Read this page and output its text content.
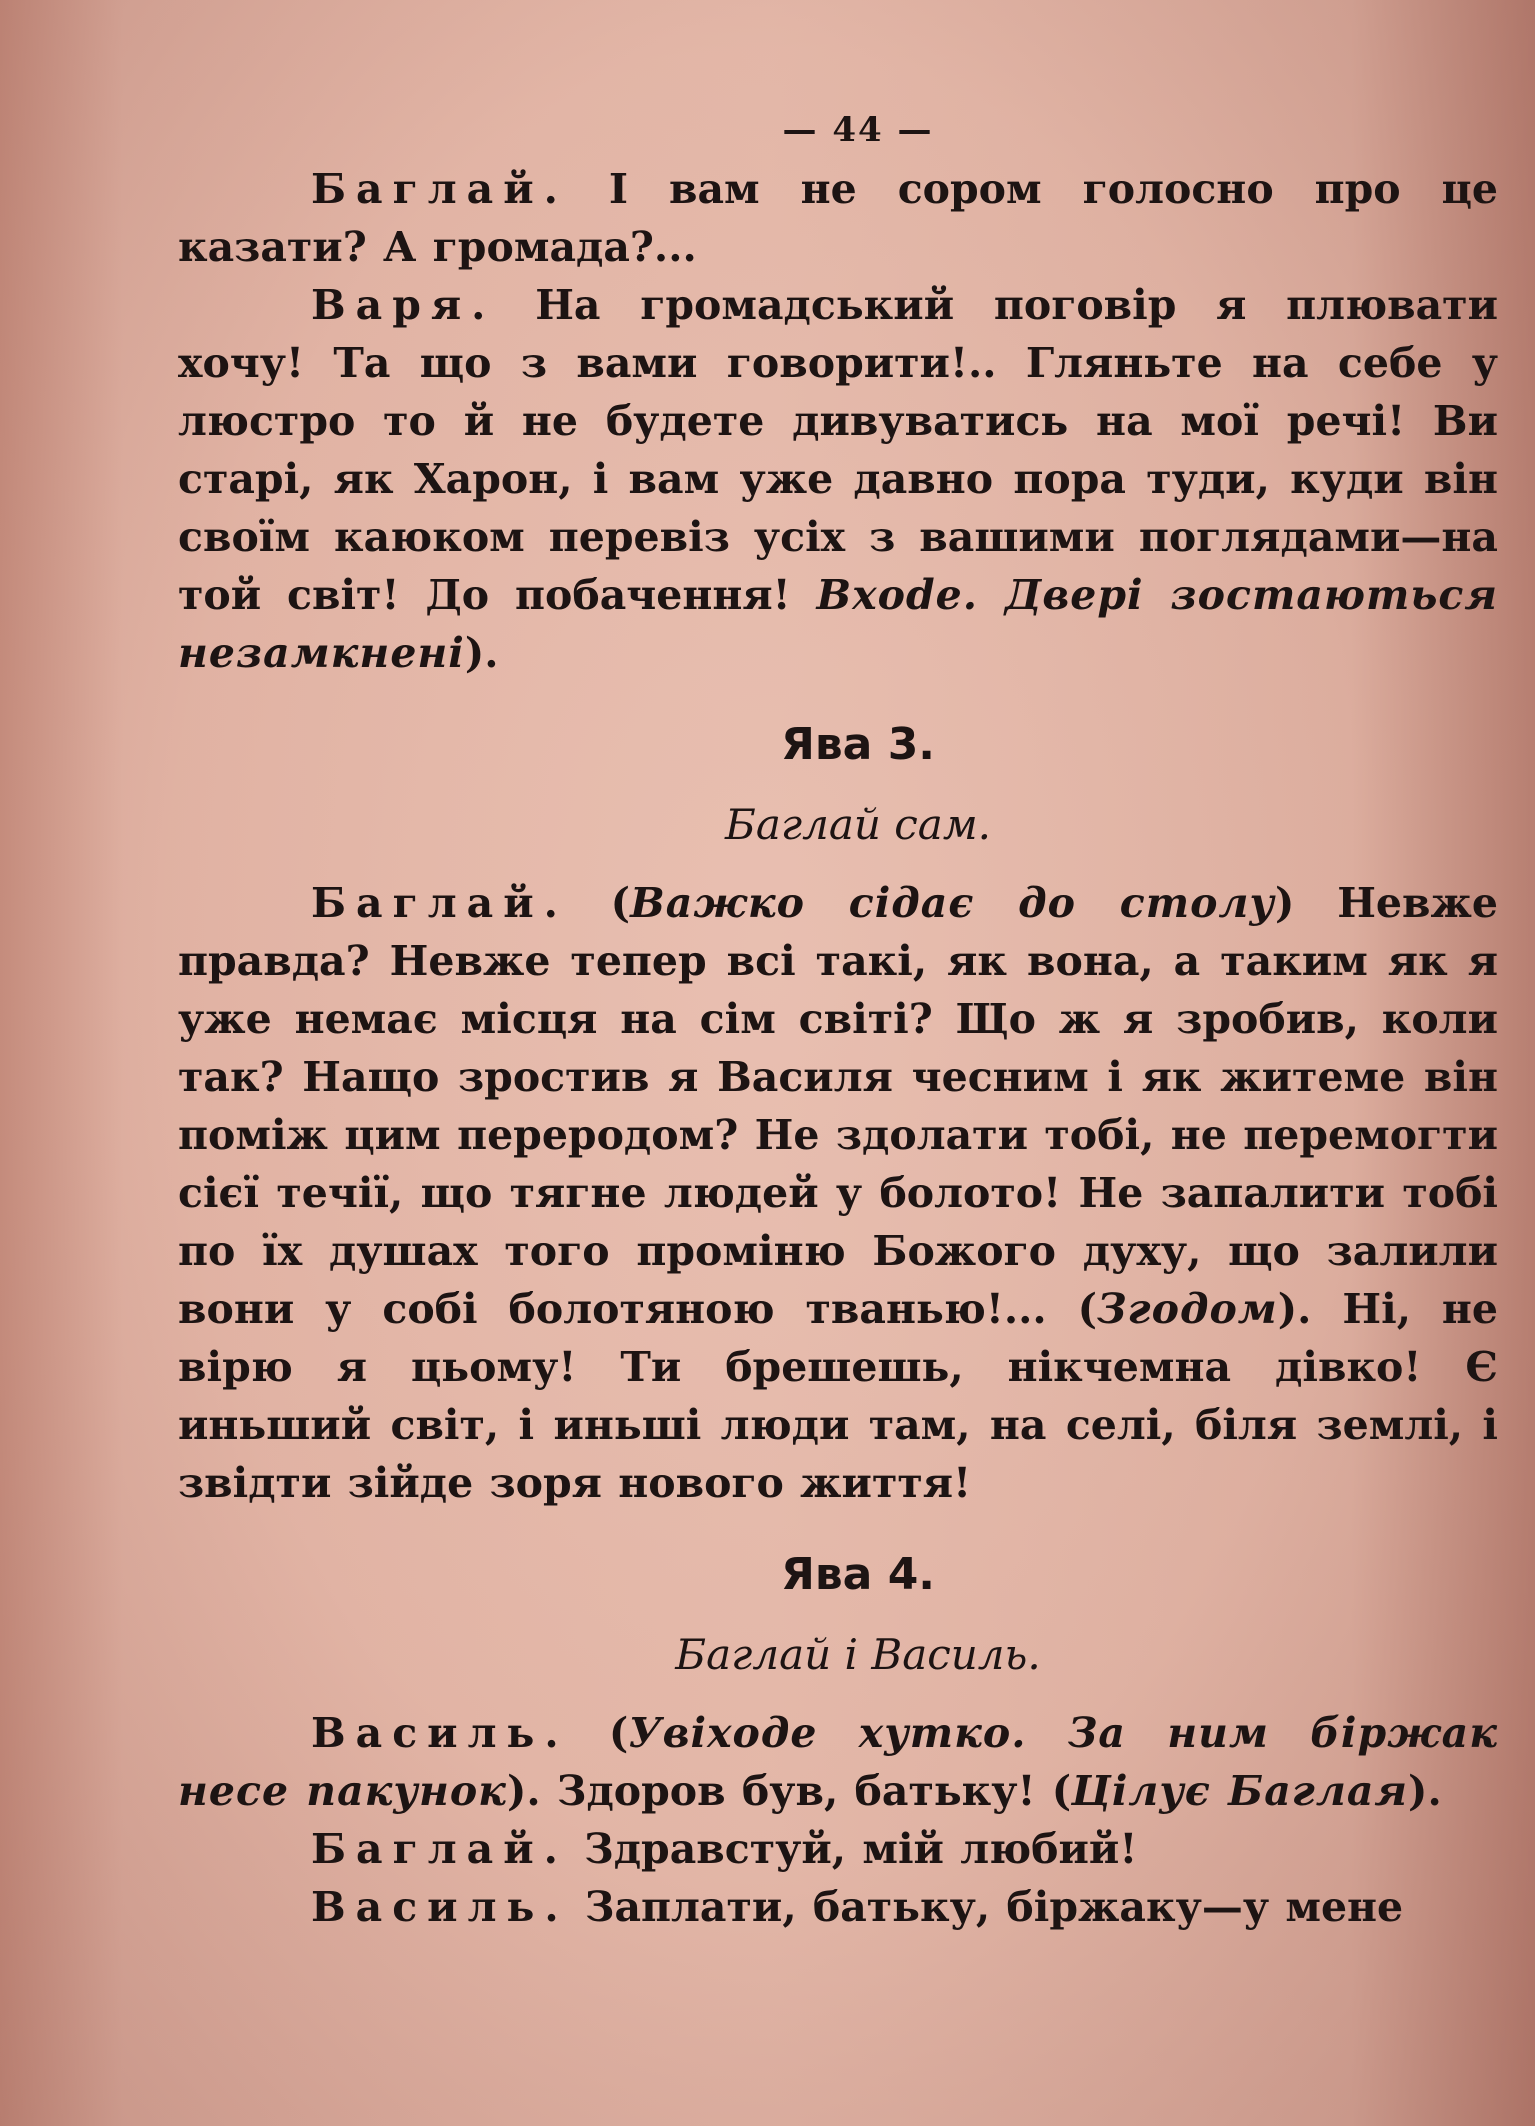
— 44 —

Баглай. І вам не сором голосно про це казати? А громада?...

Варя. На громадський поговір я плювати хочу! Та що з вами говорити!.. Гляньте на себе у люстро то й не будете дивуватись на мої речі! Ви старі, як Харон, і вам уже давно пора туди, куди він своїм каюком перевіз усіх з вашими поглядами—на той світ! До побачення! Вхode. Двері зостаються незамкнені).

Ява 3.
Баглай сам.

Баглай. (Важко сідає до столу) Невже правда? Невже тепер всі такі, як вона, а таким як я уже немає місця на сім світі? Що ж я зробив, коли так? Нащо зростив я Василя чесним і як житеме він поміж цим перeродом? Не здолати тобі, не перемогти сієї течії, що тягне людей у болото! Не запалити тобі по їх душах того проміню Божого духу, що залили вони у собі болотяною тванью!... (Згодом). Ні, не вірю я цьому! Ти брешешь, нікчемна дівко! Є иньший світ, і иньші люди там, на селі, біля землі, і звідти зійде зоря нового життя!

Ява 4.
Баглай і Василь.

Василь. (Увіходе хутко. За ним біржак несе пакунок). Здоров був, батьку! (Цілує Баглая).

Баглай. Здравстуй, мій любий!

Василь. Заплати, батьку, біржаку—у мене
